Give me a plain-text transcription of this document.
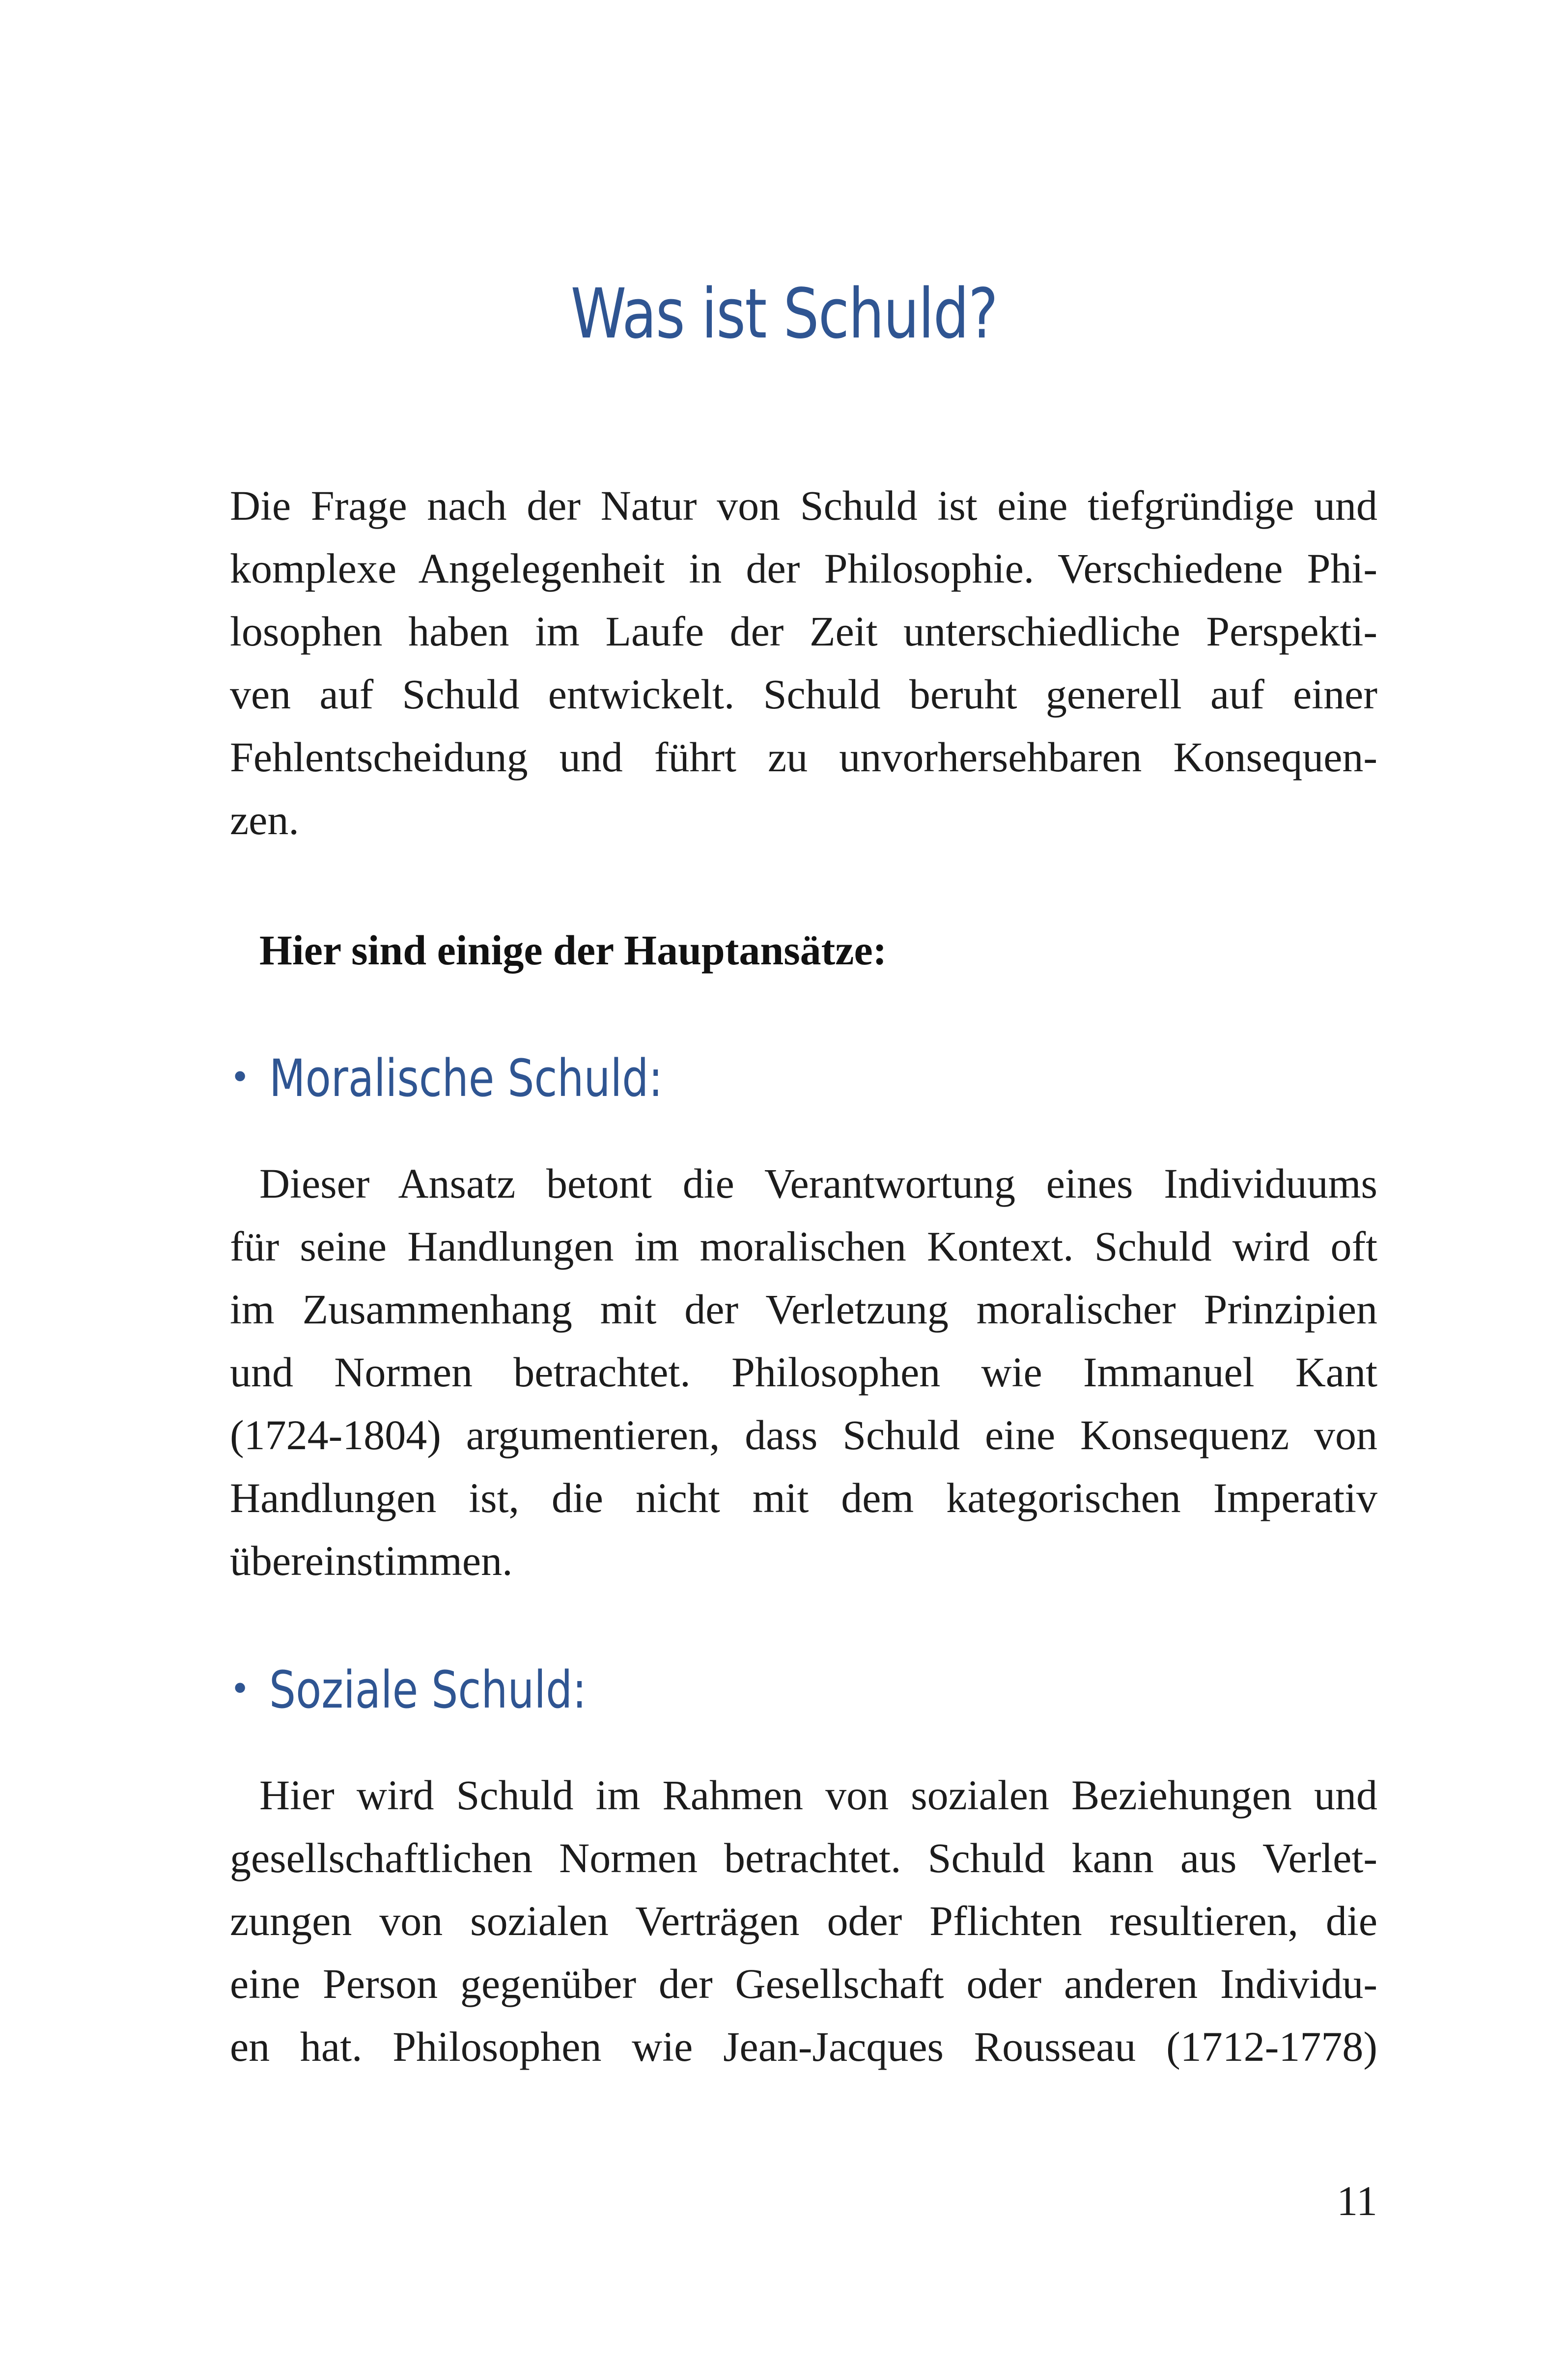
Was ist Schuld?
Die Frage nach der Natur von Schuld ist eine tiefgründige und
komplexe Angelegenheit in der Philosophie. Verschiedene Phi-
losophen haben im Laufe der Zeit unterschiedliche Perspekti-
ven auf Schuld entwickelt. Schuld beruht generell auf einer
Fehlentscheidung und führt zu unvorhersehbaren Konsequen-
zen.
Hier sind einige der Hauptansätze:
• Moralische Schuld:
Dieser Ansatz betont die Verantwortung eines Individuums
für seine Handlungen im moralischen Kontext. Schuld wird oft
im Zusammenhang mit der Verletzung moralischer Prinzipien
und Normen betrachtet. Philosophen wie Immanuel Kant
(1724-1804) argumentieren, dass Schuld eine Konsequenz von
Handlungen ist, die nicht mit dem kategorischen Imperativ
übereinstimmen.
• Soziale Schuld:
Hier wird Schuld im Rahmen von sozialen Beziehungen und
gesellschaftlichen Normen betrachtet. Schuld kann aus Verlet-
zungen von sozialen Verträgen oder Pflichten resultieren, die
eine Person gegenüber der Gesellschaft oder anderen Individu-
en hat. Philosophen wie Jean-Jacques Rousseau (1712-1778)
11
